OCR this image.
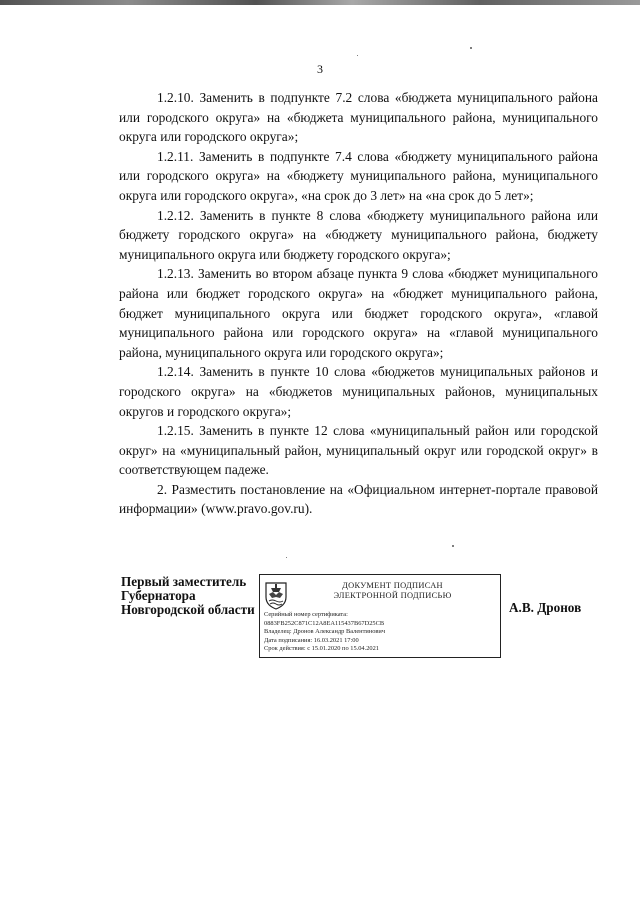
3

1.2.10. Заменить в подпункте 7.2 слова «бюджета муниципального района или городского округа» на «бюджета муниципального района, муниципального округа или городского округа»;

1.2.11. Заменить в подпункте 7.4 слова «бюджету муниципального района или городского округа» на «бюджету муниципального района, муниципального округа или городского округа», «на срок до 3 лет» на «на срок до 5 лет»;

1.2.12. Заменить в пункте 8 слова «бюджету муниципального района или бюджету городского округа» на «бюджету муниципального района, бюджету муниципального округа или бюджету городского округа»;

1.2.13. Заменить во втором абзаце пункта 9 слова «бюджет муниципального района или бюджет городского округа» на «бюджет муниципального района, бюджет муниципального округа или бюджет городского округа», «главой муниципального района или городского округа» на «главой муниципального района, муниципального округа или городского округа»;

1.2.14. Заменить в пункте 10 слова «бюджетов муниципальных районов и городского округа» на «бюджетов муниципальных районов, муниципальных округов и городского округа»;

1.2.15. Заменить в пункте 12 слова «муниципальный район или городской округ» на «муниципальный район, муниципальный округ или городской округ» в соответствующем падеже.

2. Разместить постановление на «Официальном интернет-портале правовой информации» (www.pravo.gov.ru).

Первый заместитель
Губернатора
Новгородской области
ДОКУМЕНТ ПОДПИСАН
ЭЛЕКТРОННОЙ ПОДПИСЬЮ
Серийный номер сертификата:
0883FB252C871C12A8EA115437B67D25CB
Владелец: Дронов Александр Валентинович
Дата подписания: 16.03.2021 17:00
Срок действия: с 15.01.2020 по 15.04.2021
А.В. Дронов
